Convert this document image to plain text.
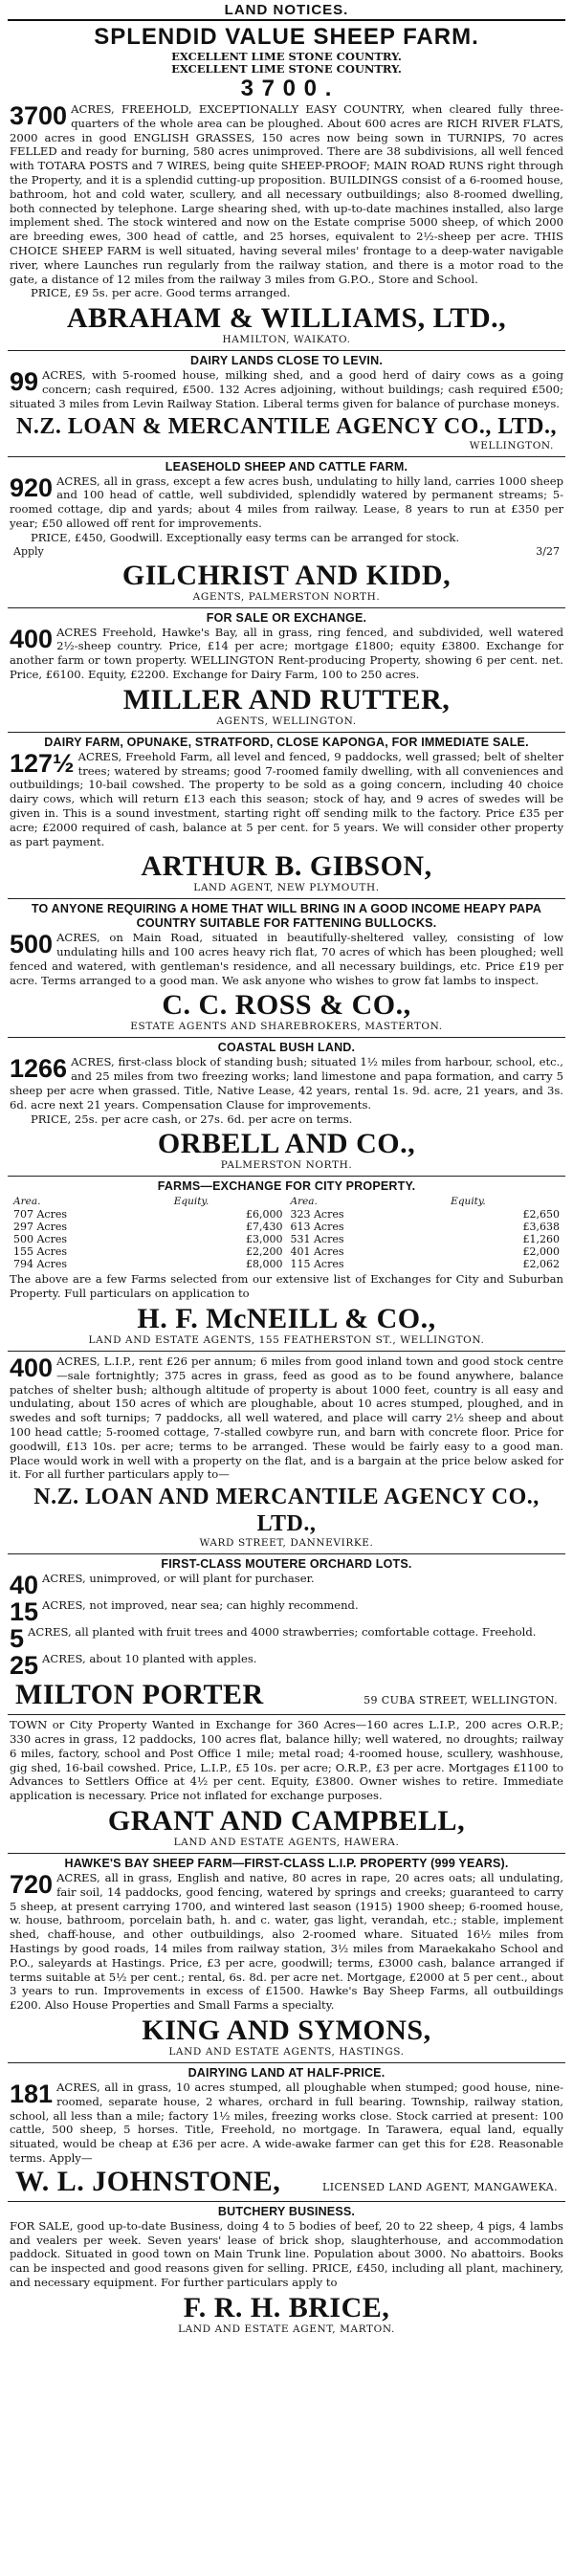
LAND NOTICES.
SPLENDID VALUE SHEEP FARM.
EXCELLENT LIME STONE COUNTRY.
EXCELLENT LIME STONE COUNTRY.
3 7 0 0 .

3700 ACRES, FREEHOLD, EXCEPTIONALLY EASY COUNTRY, when cleared fully three-quarters of the whole area can be ploughed. About 600 acres are RICH RIVER FLATS, 2000 acres in good ENGLISH GRASSES, 150 acres now being sown in TURNIPS, 70 acres FELLED and ready for burning, 580 acres unimproved. There are 38 subdivisions, all well fenced with TOTARA POSTS and 7 WIRES, being quite SHEEP-PROOF; MAIN ROAD RUNS right through the Property, and it is a splendid cutting-up proposition. BUILDINGS consist of a 6-roomed house, bathroom, hot and cold water, scullery, and all necessary outbuildings; also 8-roomed dwelling, both connected by telephone. Large shearing shed, with up-to-date machines installed, also large implement shed. The stock wintered and now on the Estate comprise 5000 sheep, of which 2000 are breeding ewes, 300 head of cattle, and 25 horses, equivalent to 2½-sheep per acre. THIS CHOICE SHEEP FARM is well situated, having several miles' frontage to a deep-water navigable river, where Launches run regularly from the railway station, and there is a motor road to the gate, a distance of 12 miles from the railway 3 miles from G.P.O., Store and School.

PRICE, £9 5s. per acre. Good terms arranged.
ABRAHAM & WILLIAMS, LTD.,
HAMILTON, WAIKATO.
DAIRY LANDS CLOSE TO LEVIN.

99 ACRES, with 5-roomed house, milking shed, and a good herd of dairy cows as a going concern; cash required, £500. 132 Acres adjoining, without buildings; cash required £500; situated 3 miles from Levin Railway Station. Liberal terms given for balance of purchase moneys.

N.Z. LOAN & MERCANTILE AGENCY CO., LTD.,
WELLINGTON.
LEASEHOLD SHEEP AND CATTLE FARM.

920 ACRES, all in grass, except a few acres bush, undulating to hilly land, carries 1000 sheep and 100 head of cattle, well subdivided, splendidly watered by permanent streams; 5-roomed cottage, dip and yards; about 4 miles from railway. Lease, 8 years to run at £350 per year; £50 allowed off rent for improvements.

PRICE, £450, Goodwill. Exceptionally easy terms can be arranged for stock.
Apply	3/27
GILCHRIST AND KIDD,
AGENTS, PALMERSTON NORTH.
FOR SALE OR EXCHANGE.

400 ACRES Freehold, Hawke's Bay, all in grass, ring fenced, and subdivided, well watered 2½-sheep country. Price, £14 per acre; mortgage £1800; equity £3800. Exchange for another farm or town property. WELLINGTON Rent-producing Property, showing 6 per cent. net. Price, £6100. Equity, £2200. Exchange for Dairy Farm, 100 to 250 acres.

MILLER AND RUTTER,
AGENTS, WELLINGTON.
DAIRY FARM, OPUNAKE, STRATFORD, CLOSE KAPONGA, FOR IMMEDIATE SALE.

127½ ACRES, Freehold Farm, all level and fenced, 9 paddocks, well grassed; belt of shelter trees; watered by streams; good 7-roomed family dwelling, with all conveniences and outbuildings; 10-bail cowshed. The property to be sold as a going concern, including 40 choice dairy cows, which will return £13 each this season; stock of hay, and 9 acres of swedes will be given in. This is a sound investment, starting right off sending milk to the factory. Price £35 per acre; £2000 required of cash, balance at 5 per cent. for 5 years. We will consider other property as part payment.

ARTHUR B. GIBSON,
LAND AGENT, NEW PLYMOUTH.
TO ANYONE REQUIRING A HOME THAT WILL BRING IN A GOOD INCOME HEAPY PAPA COUNTRY SUITABLE FOR FATTENING BULLOCKS.

500 ACRES, on Main Road, situated in beautifully-sheltered valley, consisting of low undulating hills and 100 acres heavy rich flat, 70 acres of which has been ploughed; well fenced and watered, with gentleman's residence, and all necessary buildings, etc. Price £19 per acre. Terms arranged to a good man. We ask anyone who wishes to grow fat lambs to inspect.

C. C. ROSS & CO.,
ESTATE AGENTS AND SHAREBROKERS, MASTERTON.
COASTAL BUSH LAND.

1266 ACRES, first-class block of standing bush; situated 1½ miles from harbour, school, etc., and 25 miles from two freezing works; land limestone and papa formation, and carry 5 sheep per acre when grassed. Title, Native Lease, 42 years, rental 1s. 9d. acre, 21 years, and 3s. 6d. acre next 21 years. Compensation Clause for improvements.

PRICE, 25s. per acre cash, or 27s. 6d. per acre on terms.
ORBELL AND CO.,
PALMERSTON NORTH.
FARMS—EXCHANGE FOR CITY PROPERTY.
Area.	Equity.	Area.	Equity.
707 Acres	£6,000	323 Acres	£2,650
297 Acres	£7,430	613 Acres	£3,638
500 Acres	£3,000	531 Acres	£1,260
155 Acres	£2,200	401 Acres	£2,000
794 Acres	£8,000	115 Acres	£2,062

The above are a few Farms selected from our extensive list of Exchanges for City and Suburban Property. Full particulars on application to

H. F. McNEILL & CO.,
LAND AND ESTATE AGENTS, 155 FEATHERSTON ST., WELLINGTON.

400 ACRES, L.I.P., rent £26 per annum; 6 miles from good inland town and good stock centre—sale fortnightly; 375 acres in grass, feed as good as to be found anywhere, balance patches of shelter bush; although altitude of property is about 1000 feet, country is all easy and undulating, about 150 acres of which are ploughable, about 10 acres stumped, ploughed, and in swedes and soft turnips; 7 paddocks, all well watered, and place will carry 2½ sheep and about 100 head cattle; 5-roomed cottage, 7-stalled cowbyre run, and barn with concrete floor. Price for goodwill, £13 10s. per acre; terms to be arranged. These would be fairly easy to a good man. Place would work in well with a property on the flat, and is a bargain at the price below asked for it. For all further particulars apply to—

N.Z. LOAN AND MERCANTILE AGENCY CO., LTD.,
WARD STREET, DANNEVIRKE.
FIRST-CLASS MOUTERE ORCHARD LOTS.

40 ACRES, unimproved, or will plant for purchaser.

15 ACRES, not improved, near sea; can highly recommend.

5 ACRES, all planted with fruit trees and 4000 strawberries; comfortable cottage. Freehold.

25 ACRES, about 10 planted with apples.

MILTON PORTER	59 CUBA STREET, WELLINGTON.

TOWN or City Property Wanted in Exchange for 360 Acres—160 acres L.I.P., 200 acres O.R.P.; 330 acres in grass, 12 paddocks, 100 acres flat, balance hilly; well watered, no droughts; railway 6 miles, factory, school and Post Office 1 mile; metal road; 4-roomed house, scullery, washhouse, gig shed, 16-bail cowshed. Price, L.I.P., £5 10s. per acre; O.R.P., £3 per acre. Mortgages £1100 to Advances to Settlers Office at 4½ per cent. Equity, £3800. Owner wishes to retire. Immediate application is necessary. Price not inflated for exchange purposes.

GRANT AND CAMPBELL,
LAND AND ESTATE AGENTS, HAWERA.
HAWKE'S BAY SHEEP FARM—FIRST-CLASS L.I.P. PROPERTY (999 YEARS).

720 ACRES, all in grass, English and native, 80 acres in rape, 20 acres oats; all undulating, fair soil, 14 paddocks, good fencing, watered by springs and creeks; guaranteed to carry 5 sheep, at present carrying 1700, and wintered last season (1915) 1900 sheep; 6-roomed house, w. house, bathroom, porcelain bath, h. and c. water, gas light, verandah, etc.; stable, implement shed, chaff-house, and other outbuildings, also 2-roomed whare. Situated 16½ miles from Hastings by good roads, 14 miles from railway station, 3½ miles from Maraekakaho School and P.O., saleyards at Hastings. Price, £3 per acre, goodwill; terms, £3000 cash, balance arranged if terms suitable at 5½ per cent.; rental, 6s. 8d. per acre net. Mortgage, £2000 at 5 per cent., about 3 years to run. Improvements in excess of £1500. Hawke's Bay Sheep Farms, all outbuildings £200. Also House Properties and Small Farms a specialty.

KING AND SYMONS,
LAND AND ESTATE AGENTS, HASTINGS.
DAIRYING LAND AT HALF-PRICE.

181 ACRES, all in grass, 10 acres stumped, all ploughable when stumped; good house, nine-roomed, separate house, 2 whares, orchard in full bearing. Township, railway station, school, all less than a mile; factory 1½ miles, freezing works close. Stock carried at present: 100 cattle, 500 sheep, 5 horses. Title, Freehold, no mortgage. In Tarawera, equal land, equally situated, would be cheap at £36 per acre. A wide-awake farmer can get this for £28. Reasonable terms. Apply—

W. L. JOHNSTONE,	LICENSED LAND AGENT, MANGAWEKA.
BUTCHERY BUSINESS.

FOR SALE, good up-to-date Business, doing 4 to 5 bodies of beef, 20 to 22 sheep, 4 pigs, 4 lambs and vealers per week. Seven years' lease of brick shop, slaughterhouse, and accommodation paddock. Situated in good town on Main Trunk line. Population about 3000. No abattoirs. Books can be inspected and good reasons given for selling. PRICE, £450, including all plant, machinery, and necessary equipment. For further particulars apply to

F. R. H. BRICE,
LAND AND ESTATE AGENT, MARTON.
